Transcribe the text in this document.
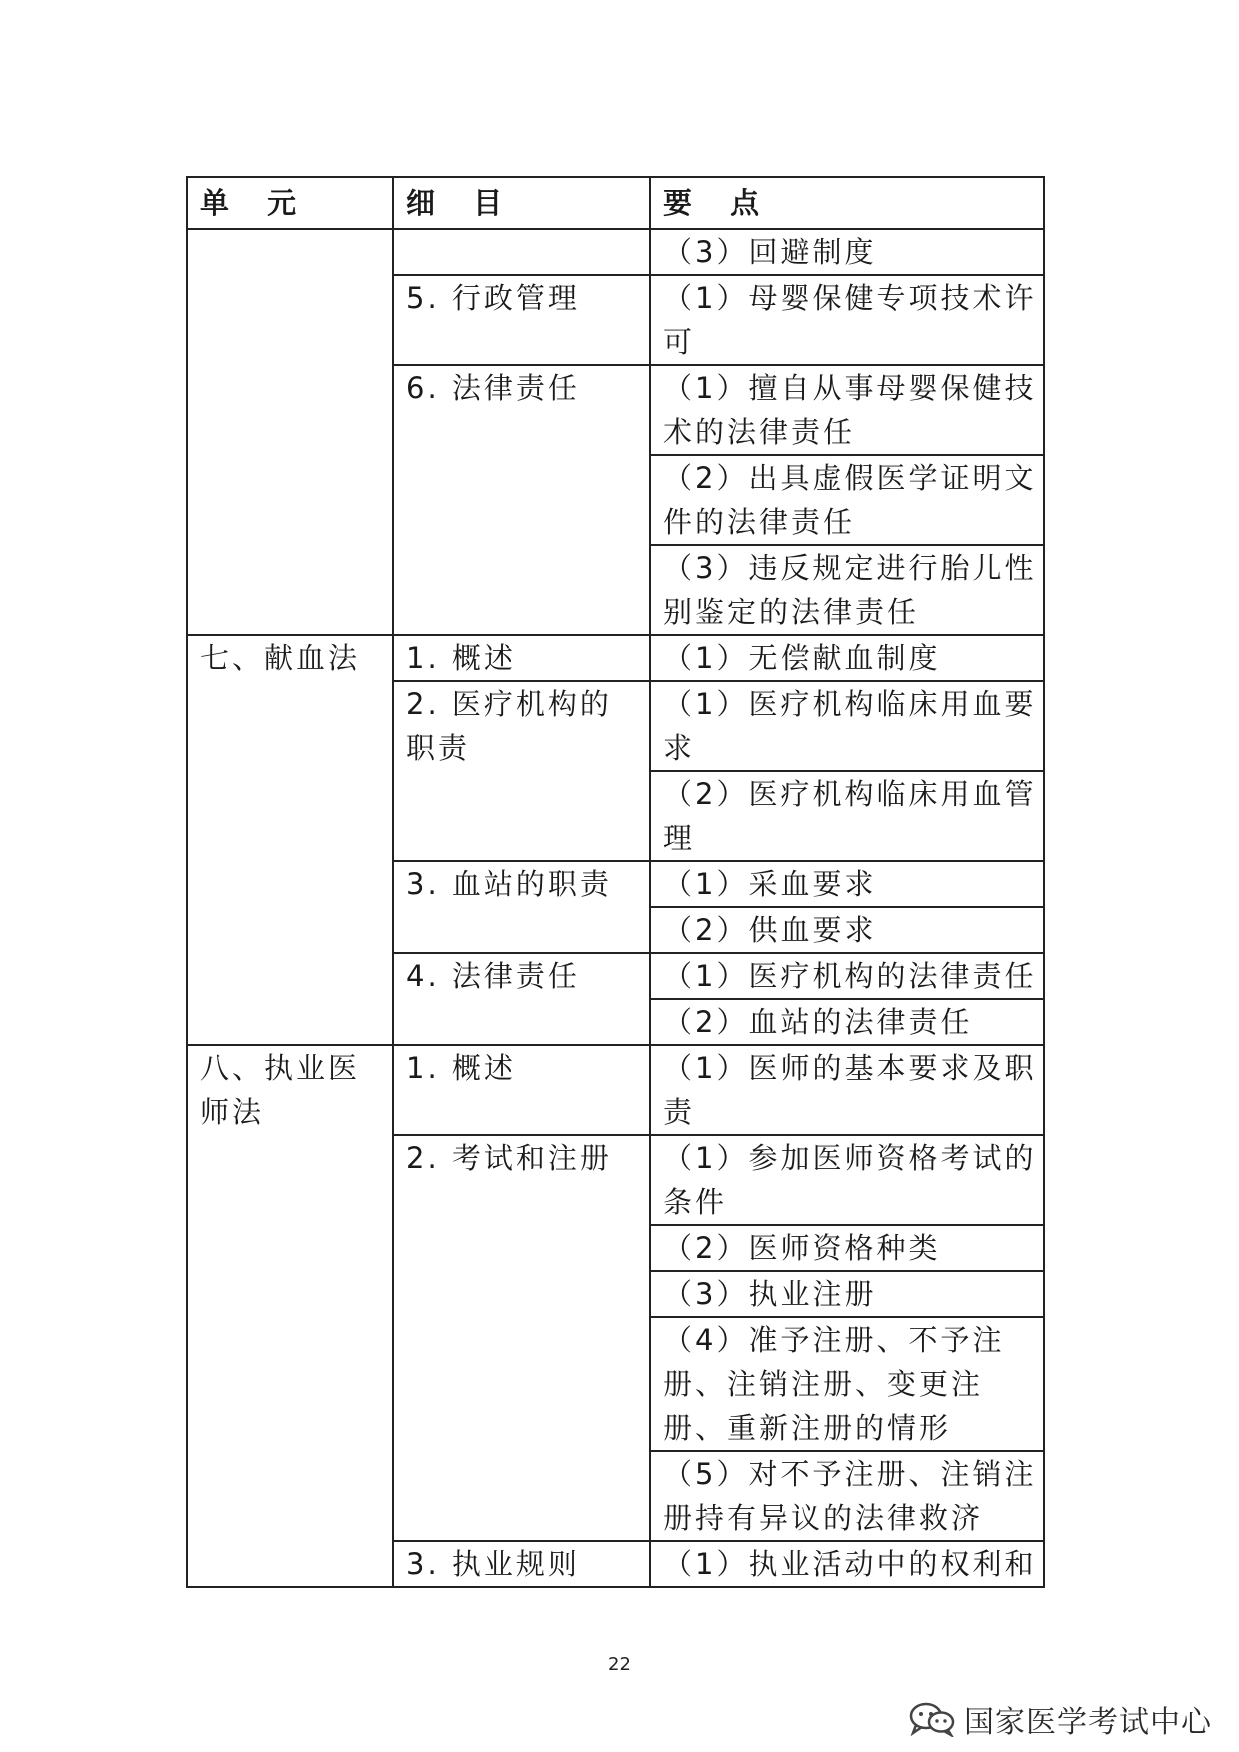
单 元	细 目	要 点
		（3）回避制度
	5. 行政管理	（1）母婴保健专项技术许可
	6. 法律责任	（1）擅自从事母婴保健技术的法律责任
		（2）出具虚假医学证明文件的法律责任
		（3）违反规定进行胎儿性别鉴定的法律责任
七、献血法	1. 概述	（1）无偿献血制度
	2. 医疗机构的职责	（1）医疗机构临床用血要求
		（2）医疗机构临床用血管理
	3. 血站的职责	（1）采血要求
		（2）供血要求
	4. 法律责任	（1）医疗机构的法律责任
		（2）血站的法律责任
八、执业医师法	1. 概述	（1）医师的基本要求及职责
	2. 考试和注册	（1）参加医师资格考试的条件
		（2）医师资格种类
		（3）执业注册
		（4）准予注册、不予注册、注销注册、变更注册、重新注册的情形
		（5）对不予注册、注销注册持有异议的法律救济
	3. 执业规则	（1）执业活动中的权利和
22
国家医学考试中心
